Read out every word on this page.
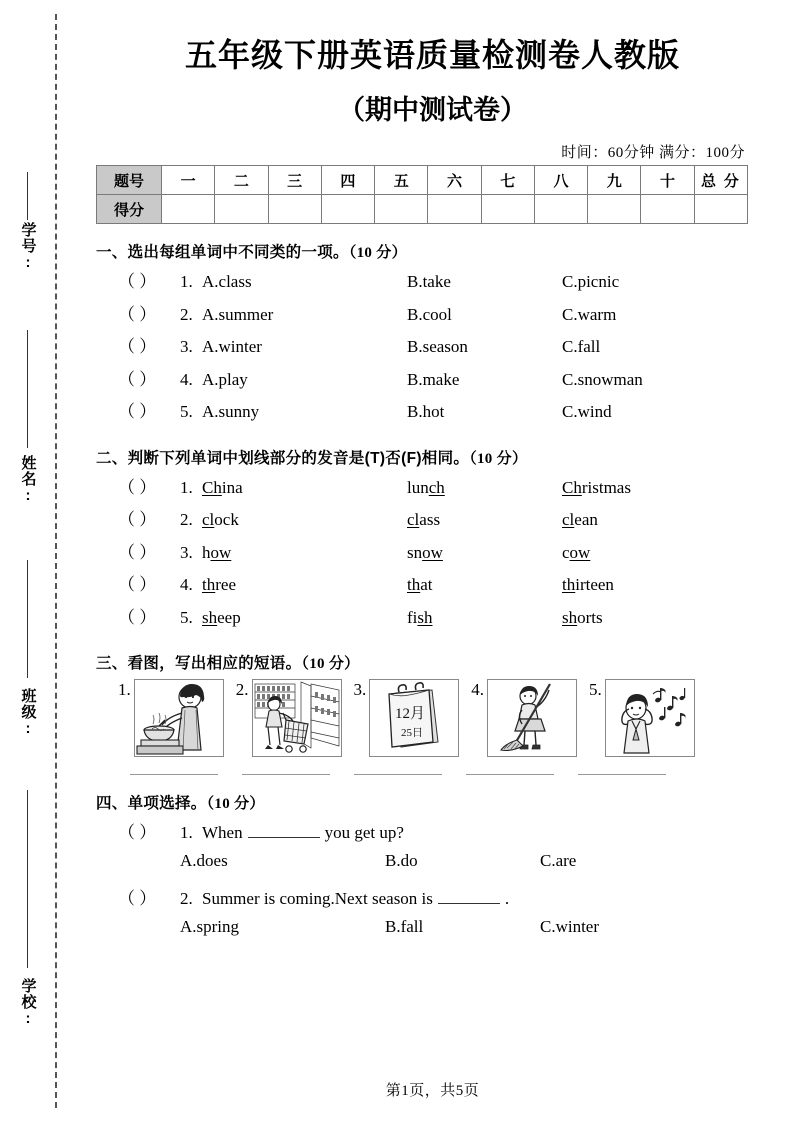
学号:
姓名:
班级:
学校:
五年级下册英语质量检测卷人教版
（期中测试卷）
时间：60分钟 满分：100分
题号	一	二	三	四	五	六	七	八	九	十	总 分
得分											
一、选出每组单词中不同类的一项。（10 分）
（ ）	1. A.class	B.take	C.picnic
（ ）	2. A.summer	B.cool	C.warm
（ ）	3. A.winter	B.season	C.fall
（ ）	4. A.play	B.make	C.snowman
（ ）	5. A.sunny	B.hot	C.wind
二、判断下列单词中划线部分的发音是(T)否(F)相同。（10 分）
（ ）	1. China	lunch	Christmas
（ ）	2. clock	class	clean
（ ）	3. how	snow	cow
（ ）	4. three	that	thirteen
（ ）	5. sheep	fish	shorts
三、看图，写出相应的短语。（10 分）
1.	2.	3.
12月
25日
4.	5.
四、单项选择。（10 分）
（ ）	1. When	you get up?
A.does	B.do	C.are
（ ）	2. Summer is coming.Next season is	.
A.spring	B.fall	C.winter
第1页，共5页
